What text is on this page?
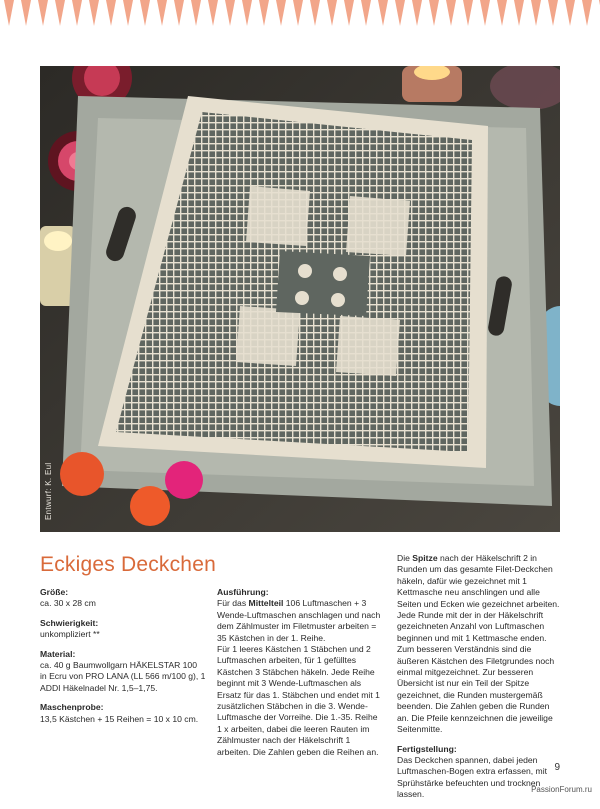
Entwurf: K. Eul
Eckiges Deckchen

Größe:
ca. 30 x 28 cm

Schwierigkeit:
unkompliziert **

Material:
ca. 40 g Baumwollgarn HÄKELSTAR 100 in Ecru von PRO LANA (LL 566 m/100 g), 1 ADDI Häkelnadel Nr. 1,5–1,75.

Maschenprobe:
13,5 Kästchen + 15 Reihen = 10 x 10 cm.

Ausführung:
Für das Mittelteil 106 Luftmaschen + 3 Wende-Luftmaschen anschlagen und nach dem Zählmuster im Filetmuster arbeiten = 35 Kästchen in der 1. Reihe.
Für 1 leeres Kästchen 1 Stäbchen und 2 Luftmaschen arbeiten, für 1 gefülltes Kästchen 3 Stäbchen häkeln. Jede Reihe beginnt mit 3 Wende-Luftmaschen als Ersatz für das 1. Stäbchen und endet mit 1 zusätzlichen Stäbchen in die 3. Wende-Luftmasche der Vorreihe. Die 1.-35. Reihe 1 x arbeiten, dabei die leeren Rauten im Zählmuster nach der Häkelschrift 1 arbeiten. Die Zahlen geben die Reihen an.

Die Spitze nach der Häkelschrift 2 in Runden um das gesamte Filet-Deckchen häkeln, dafür wie gezeichnet mit 1 Kettmasche neu anschlingen und alle Seiten und Ecken wie gezeichnet arbeiten. Jede Runde mit der in der Häkelschrift gezeichneten Anzahl von Luftmaschen beginnen und mit 1 Kettmasche enden. Zum besseren Verständnis sind die äußeren Kästchen des Filetgrundes noch einmal mitgezeichnet. Zur besseren Übersicht ist nur ein Teil der Spitze gezeichnet, die Runden mustergemäß beenden. Die Zahlen geben die Runden an. Die Pfeile kennzeichnen die jeweilige Seitenmitte.

Fertigstellung:
Das Deckchen spannen, dabei jeden Luftmaschen-Bogen extra erfassen, mit Sprühstärke befeuchten und trocknen lassen.

9
PassionForum.ru
